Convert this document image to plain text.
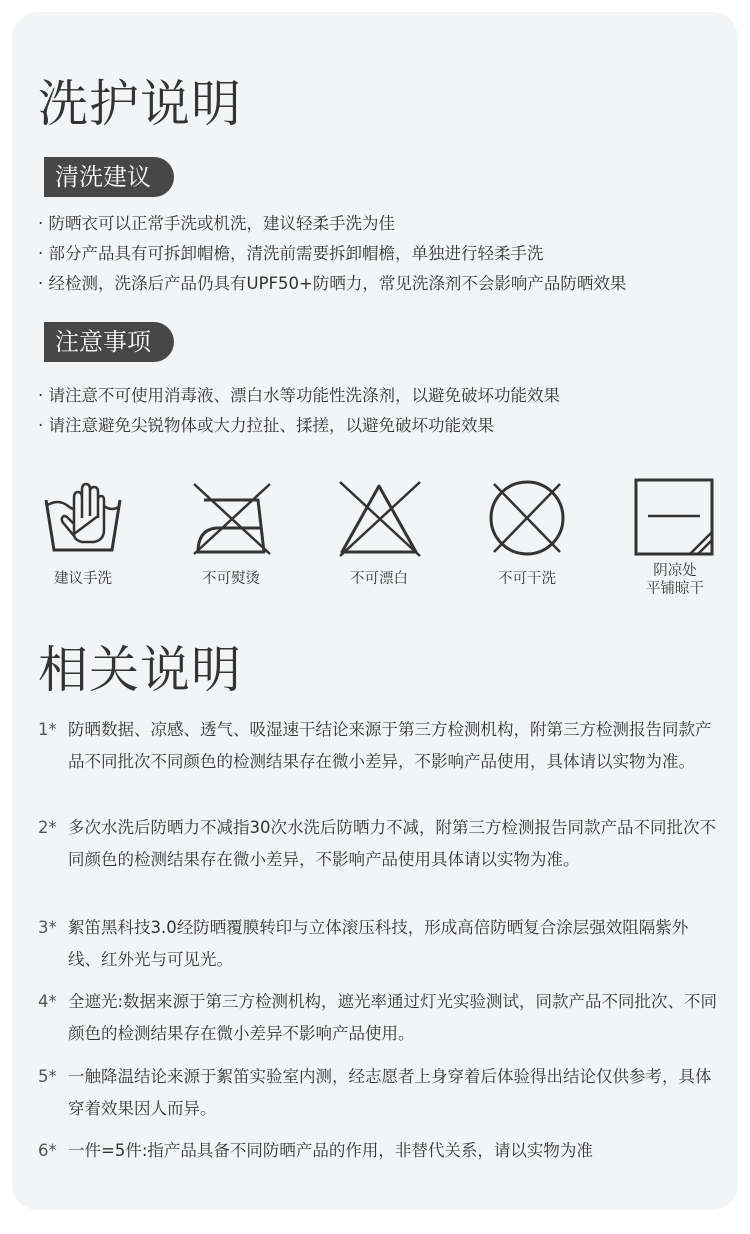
洗护说明
清洗建议
· 防晒衣可以正常手洗或机洗，建议轻柔手洗为佳
· 部分产品具有可拆卸帽檐，清洗前需要拆卸帽檐，单独进行轻柔手洗
· 经检测，洗涤后产品仍具有UPF50+防晒力，常见洗涤剂不会影响产品防晒效果
注意事项
· 请注意不可使用消毒液、漂白水等功能性洗涤剂，以避免破坏功能效果
· 请注意避免尖锐物体或大力拉扯、揉搓，以避免破坏功能效果
建议手洗	不可熨烫	不可漂白	不可干洗	阴凉处
平铺晾干
相关说明
1* 防晒数据、凉感、透气、吸湿速干结论来源于第三方检测机构，附第三方检测报告同款产品不同批次不同颜色的检测结果存在微小差异，不影响产品使用，具体请以实物为准。
2* 多次水洗后防晒力不减指30次水洗后防晒力不减，附第三方检测报告同款产品不同批次不同颜色的检测结果存在微小差异，不影响产品使用具体请以实物为准。
3* 絮笛黑科技3.0经防晒覆膜转印与立体滚压科技，形成高倍防晒复合涂层强效阻隔紫外线、红外光与可见光。
4* 全遮光:数据来源于第三方检测机构，遮光率通过灯光实验测试，同款产品不同批次、不同颜色的检测结果存在微小差异不影响产品使用。
5* 一触降温结论来源于絮笛实验室内测，经志愿者上身穿着后体验得出结论仅供参考，具体穿着效果因人而异。
6* 一件=5件:指产品具备不同防晒产品的作用，非替代关系，请以实物为准
